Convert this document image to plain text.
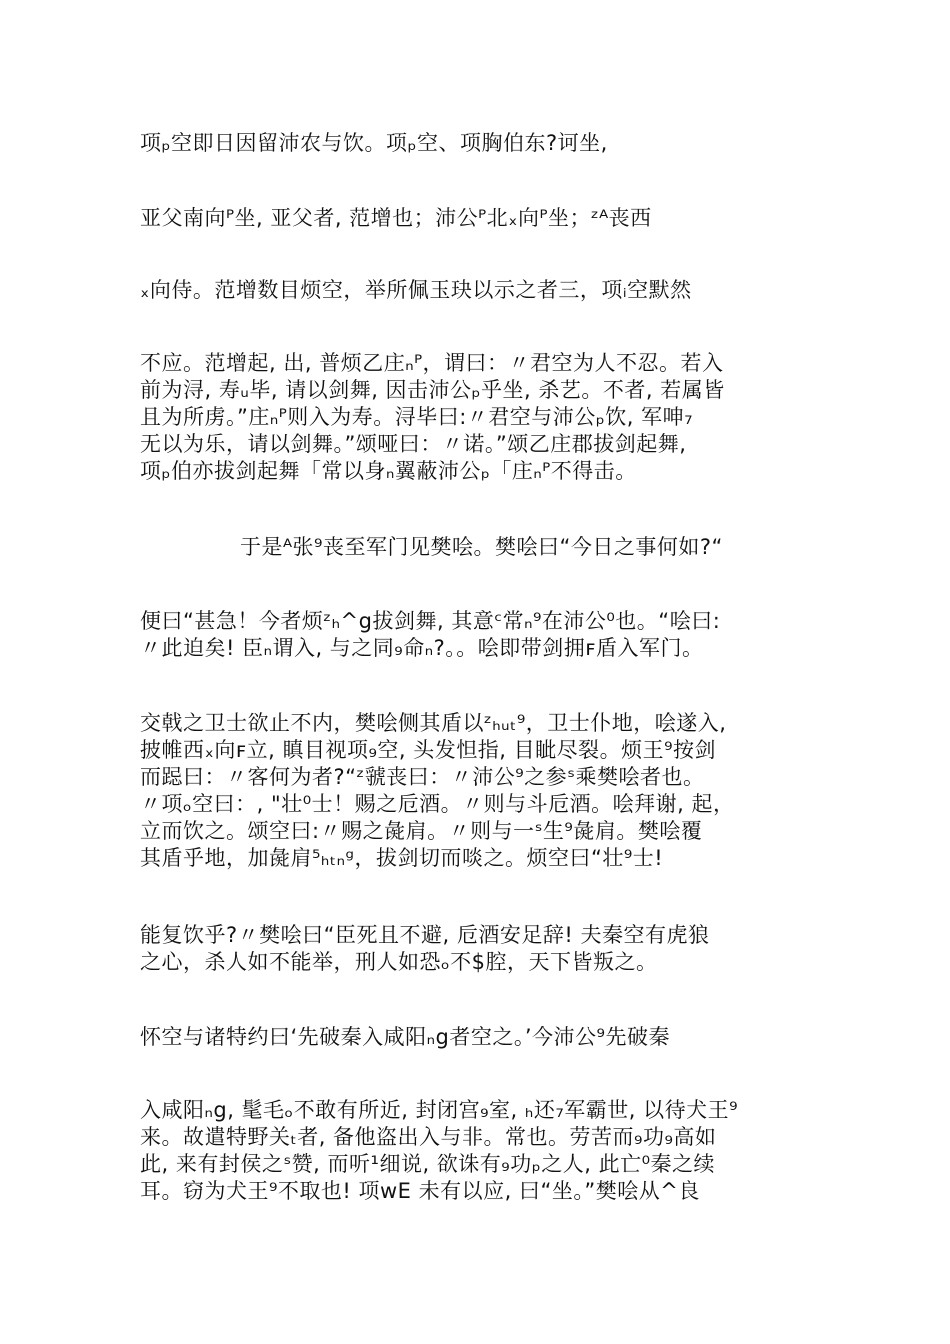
项ₚ空即日因留沛农与饮。项ₚ空、项胸伯东?诃坐,

亚父南向ᴾ坐, 亚父者, 范增也；沛公ᴾ北ₓ向ᴾ坐；ᶻᴬ丧西

ₓ向侍。范增数目烦空，举所佩玉玦以示之者三，项ᵢ空默然

不应。范增起, 出, 普烦乙庄ₙᴾ，谓曰：〃君空为人不忍。若入
前为浔, 寿ᵤ毕, 请以剑舞, 因击沛公ₚ乎坐, 杀艺。不者, 若属皆
且为所虏。”庄ₙᴾ则入为寿。浔毕曰:〃君空与沛公ₚ饮, 军呻₇
无以为乐，请以剑舞。”颂哑曰：〃诺。”颂乙庄郡拔剑起舞,
项ₚ伯亦拔剑起舞「常以身ₙ翼蔽沛公ₚ「庄ₙᴾ不得击。

于是ᴬ张⁹丧至军门见樊哙。樊哙曰“今日之事何如?“

便曰“甚急！今者烦ᶻₕ^g拔剑舞, 其意ᶜ常ₙ⁹在沛公⁰也。“哙曰:
〃此迫矣! 臣ₙ谓入, 与之同₉命ₙ?。。哙即带剑拥ꜰ盾入军门。

交戟之卫士欲止不内，樊哙侧其盾以ᶻₕᵤₜ⁹，卫士仆地，哙遂入,
披帷西ₓ向ꜰ立, 瞋目视项₉空, 头发怛指, 目眦尽裂。烦王⁹按剑
而跽曰：〃客何为者?“ᶻ虢丧曰：〃沛公⁹之参ˢ乘樊哙者也。
〃项ₒ空曰：, "壮⁰士！赐之卮酒。〃则与斗卮酒。哙拜谢, 起，
立而饮之。颂空曰:〃赐之彘肩。〃则与一ˢ生⁹彘肩。樊哙覆
其盾乎地，加彘肩⁵ₕₜₙᵍ，拔剑切而啖之。烦空曰“壮⁹士!

能复饮乎?〃樊哙曰“臣死且不避, 卮酒安足辞! 夫秦空有虎狼
之心，杀人如不能举，刑人如恐ₒ不$腔，天下皆叛之。

怀空与诸特约曰‘先破秦入咸阳ₙg者空之。’今沛公⁹先破秦

入咸阳ₙg, 髦毛ₒ不敢有所近, 封闭宫₉室, ₕ还₇军霸世, 以待犬王⁹
来。故遣特野关ₜ者, 备他盗出入与非。常也。劳苦而₉功₉高如
此, 来有封侯之ˢ赞, 而听¹细说, 欲诛有₉功ₚ之人, 此亡⁰秦之续
耳。窃为犬王⁹不取也! 项ᴡE 未有以应, 曰“坐。”樊哙从^良
